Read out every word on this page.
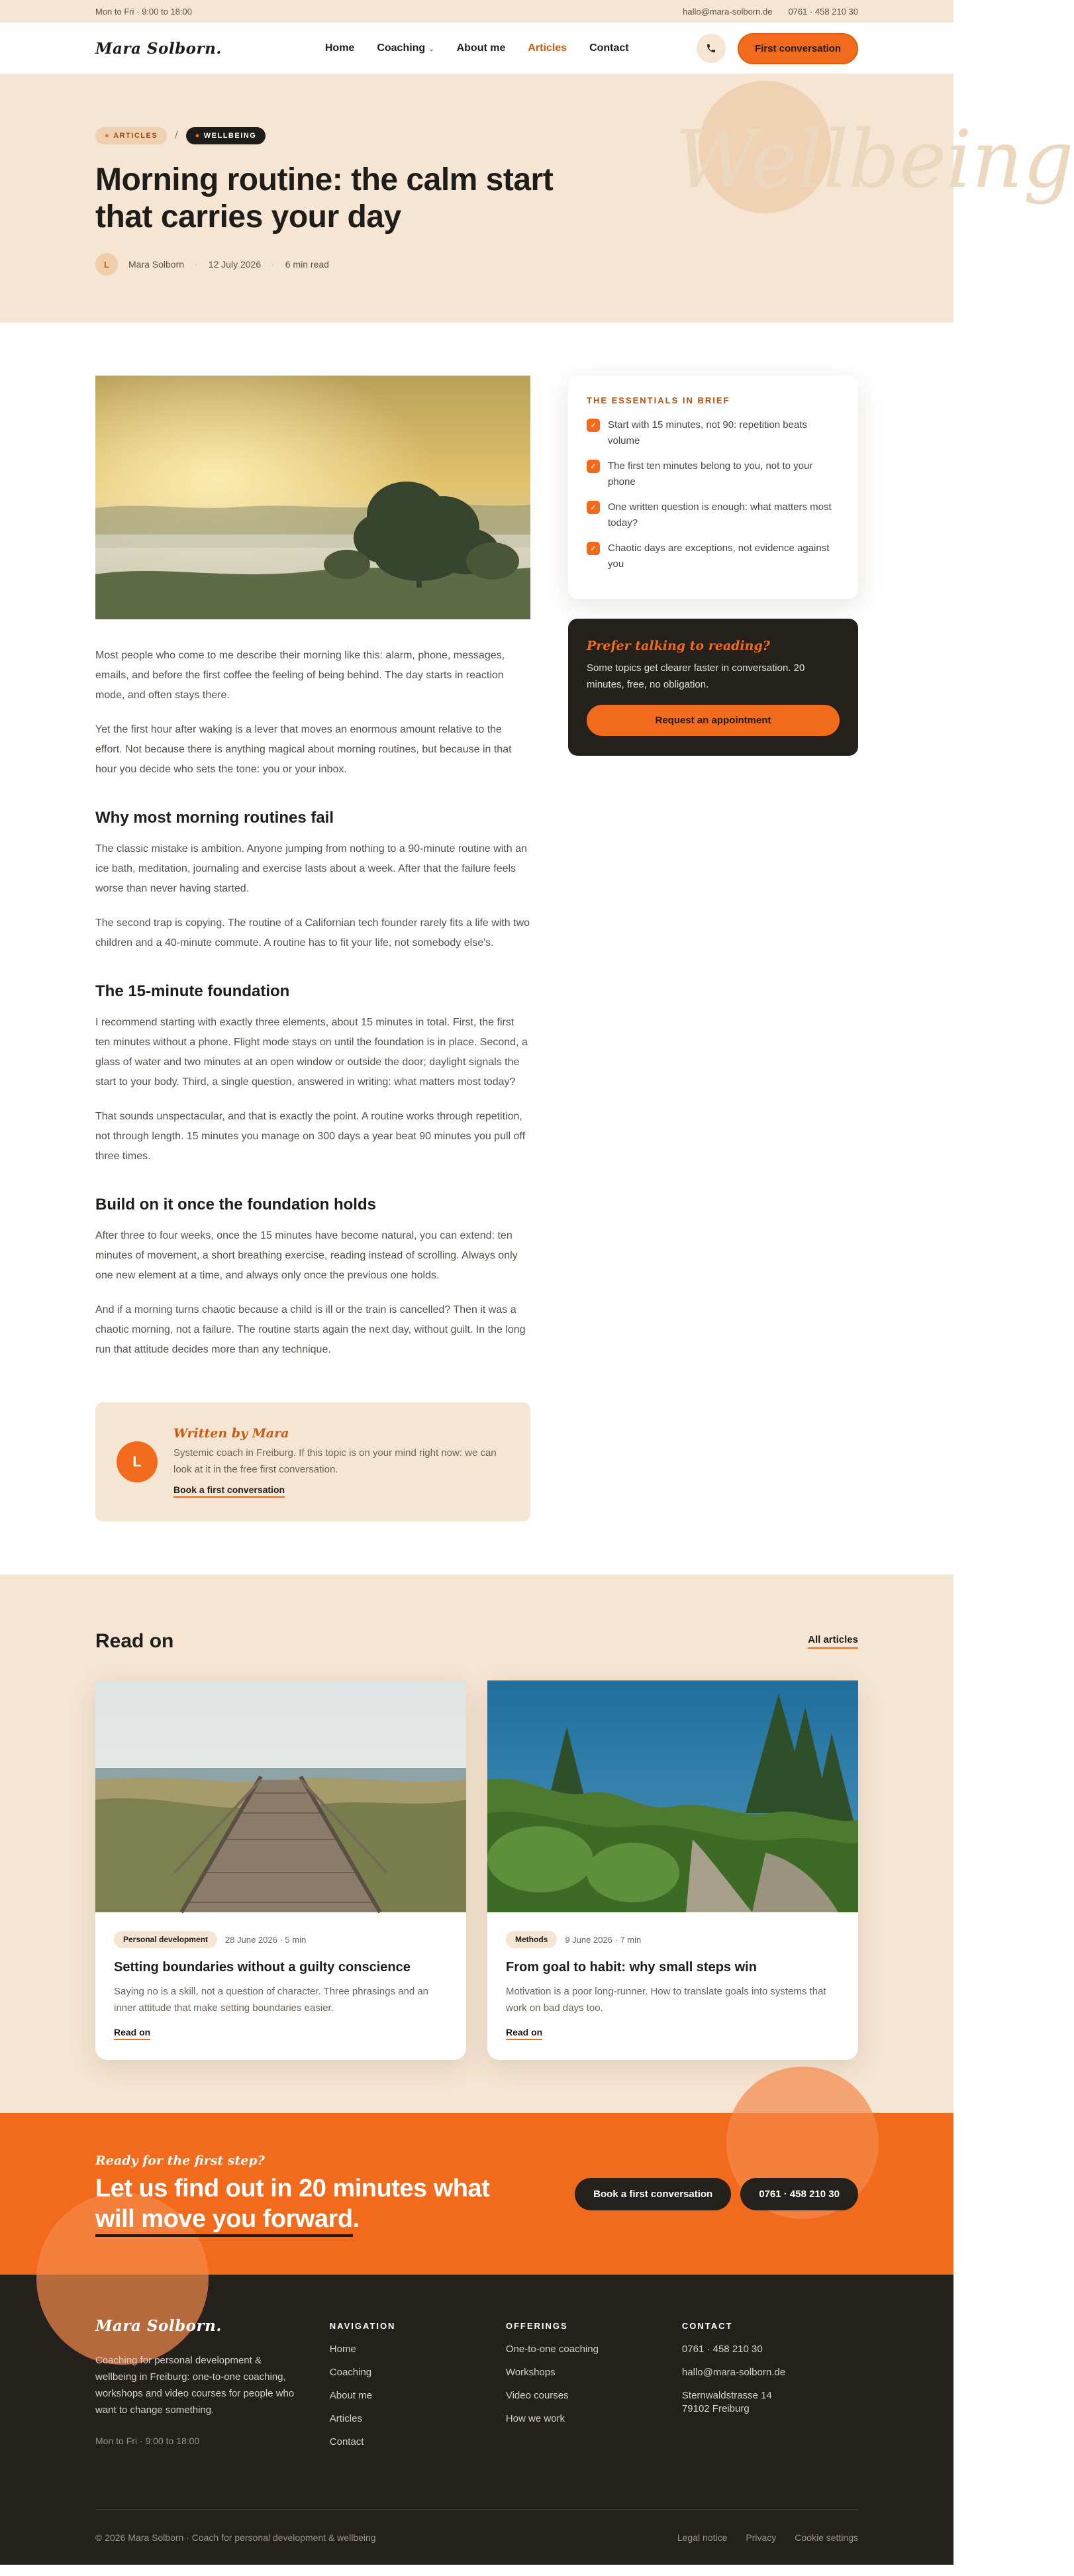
Mon to Fri · 9:00 to 18:00	hallo@mara-solborn.de 0761 · 458 210 30
Mara Solborn.	Home Coaching ⌄ About me Articles Contact	First conversation
Wellbeing
● ARTICLES	/	● WELLBEING
Morning routine: the calm start that carries your day
L	Mara Solborn · 12 July 2026 · 6 min read

Most people who come to me describe their morning like this: alarm, phone, messages, emails, and before the first coffee the feeling of being behind. The day starts in reaction mode, and often stays there.

Yet the first hour after waking is a lever that moves an enormous amount relative to the effort. Not because there is anything magical about morning routines, but because in that hour you decide who sets the tone: you or your inbox.

Why most morning routines fail

The classic mistake is ambition. Anyone jumping from nothing to a 90-minute routine with an ice bath, meditation, journaling and exercise lasts about a week. After that the failure feels worse than never having started.

The second trap is copying. The routine of a Californian tech founder rarely fits a life with two children and a 40-minute commute. A routine has to fit your life, not somebody else's.

The 15-minute foundation

I recommend starting with exactly three elements, about 15 minutes in total. First, the first ten minutes without a phone. Flight mode stays on until the foundation is in place. Second, a glass of water and two minutes at an open window or outside the door; daylight signals the start to your body. Third, a single question, answered in writing: what matters most today?

That sounds unspectacular, and that is exactly the point. A routine works through repetition, not through length. 15 minutes you manage on 300 days a year beat 90 minutes you pull off three times.

Build on it once the foundation holds

After three to four weeks, once the 15 minutes have become natural, you can extend: ten minutes of movement, a short breathing exercise, reading instead of scrolling. Always only one new element at a time, and always only once the previous one holds.

And if a morning turns chaotic because a child is ill or the train is cancelled? Then it was a chaotic morning, not a failure. The routine starts again the next day, without guilt. In the long run that attitude decides more than any technique.

L
Written by Mara
Systemic coach in Freiburg. If this topic is on your mind right now: we can look at it in the free first conversation.
Book a first conversation
THE ESSENTIALS IN BRIEF
✓	Start with 15 minutes, not 90: repetition beats volume
✓	The first ten minutes belong to you, not to your phone
✓	One written question is enough: what matters most today?
✓	Chaotic days are exceptions, not evidence against you
Prefer talking to reading?
Some topics get clearer faster in conversation. 20 minutes, free, no obligation.
Request an appointment
Read on	All articles
Personal development	28 June 2026 · 5 min
Setting boundaries without a guilty conscience
Saying no is a skill, not a question of character. Three phrasings and an inner attitude that make setting boundaries easier.
Read on
Methods	9 June 2026 · 7 min
From goal to habit: why small steps win
Motivation is a poor long-runner. How to translate goals into systems that work on bad days too.
Read on
Ready for the first step?
Let us find out in 20 minutes what will move you forward.
Book a first conversation	0761 · 458 210 30
Mara Solborn.
Coaching for personal development & wellbeing in Freiburg: one-to-one coaching, workshops and video courses for people who want to change something.
Mon to Fri · 9:00 to 18:00
NAVIGATION
Home
Coaching
About me
Articles
Contact
OFFERINGS
One-to-one coaching
Workshops
Video courses
How we work
CONTACT
0761 · 458 210 30
hallo@mara-solborn.de
Sternwaldstrasse 14
79102 Freiburg
© 2026 Mara Solborn · Coach for personal development & wellbeing	Legal notice Privacy Cookie settings
